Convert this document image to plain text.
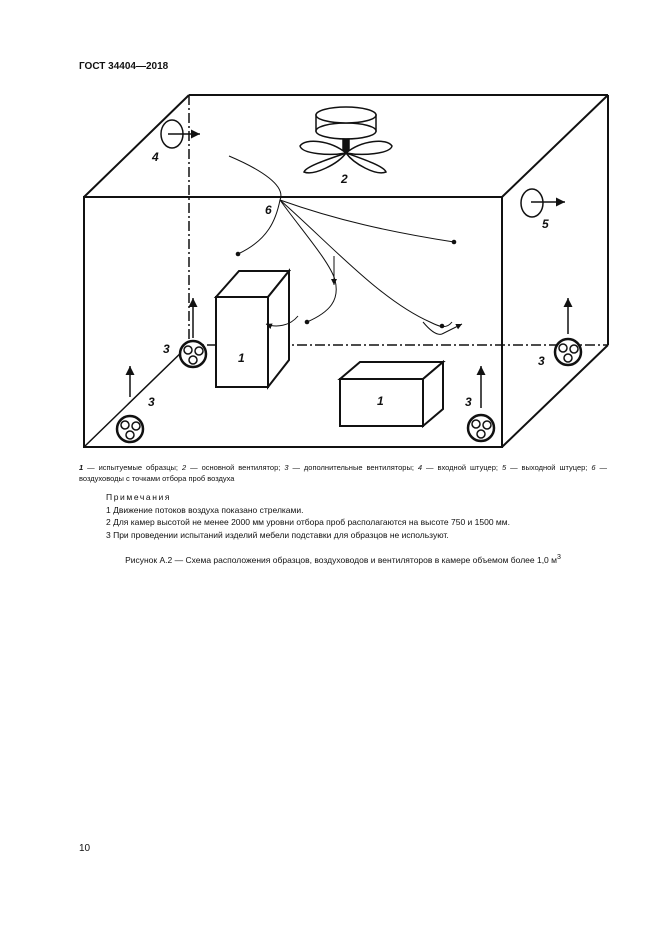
ГОСТ 34404—2018
2
4
5
1
1
6
3
3
3	3
1 — испытуемые образцы; 2 — основной вентилятор; 3 — дополнительные вентиляторы; 4 — входной штуцер; 5 — выходной штуцер; 6 — воздуховоды с точками отбора проб воздуха
Примечания
1 Движение потоков воздуха показано стрелками.
2 Для камер высотой не менее 2000 мм уровни отбора проб располагаются на высоте 750 и 1500 мм.
3 При проведении испытаний изделий мебели подставки для образцов не используют.
Рисунок А.2 — Схема расположения образцов, воздуховодов и вентиляторов в камере объемом более 1,0 $м^3$
10
